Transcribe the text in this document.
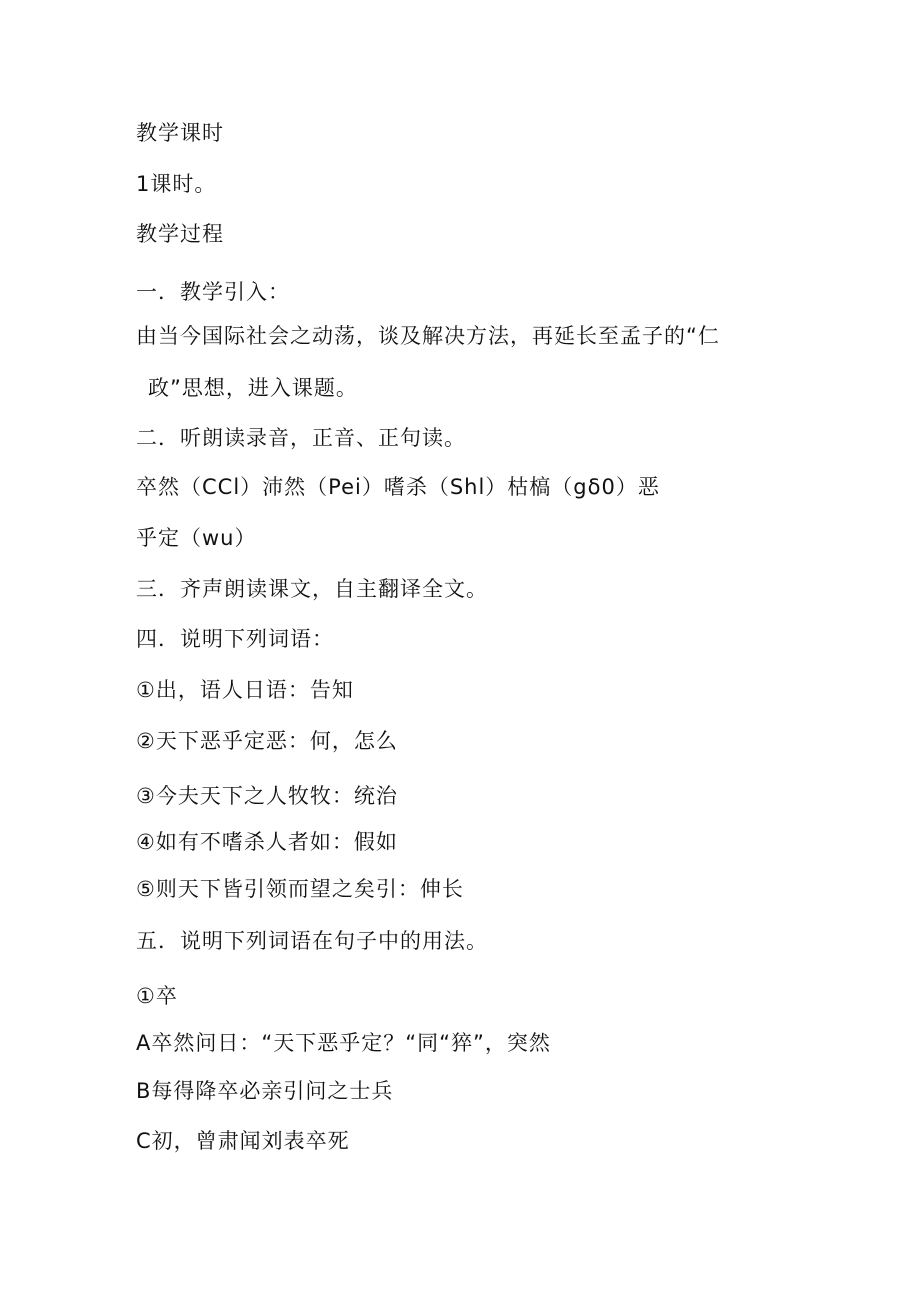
教学课时
1课时。
教学过程
一．教学引入：
由当今国际社会之动荡，谈及解决方法，再延长至孟子的“仁
政”思想，进入课题。
二．听朗读录音，正音、正句读。
卒然（CCl）沛然（Pei）嗜杀（Shl）枯槁（gδ0）恶
乎定（wu）
三．齐声朗读课文，自主翻译全文。
四．说明下列词语：
①出，语人日语：告知
②天下恶乎定恶：何，怎么
③今夫天下之人牧牧：统治
④如有不嗜杀人者如：假如
⑤则天下皆引领而望之矣引：伸长
五．说明下列词语在句子中的用法。
①卒
A卒然问日：“天下恶乎定？“同“猝”，突然
B每得降卒必亲引问之士兵
C初，曾肃闻刘表卒死
